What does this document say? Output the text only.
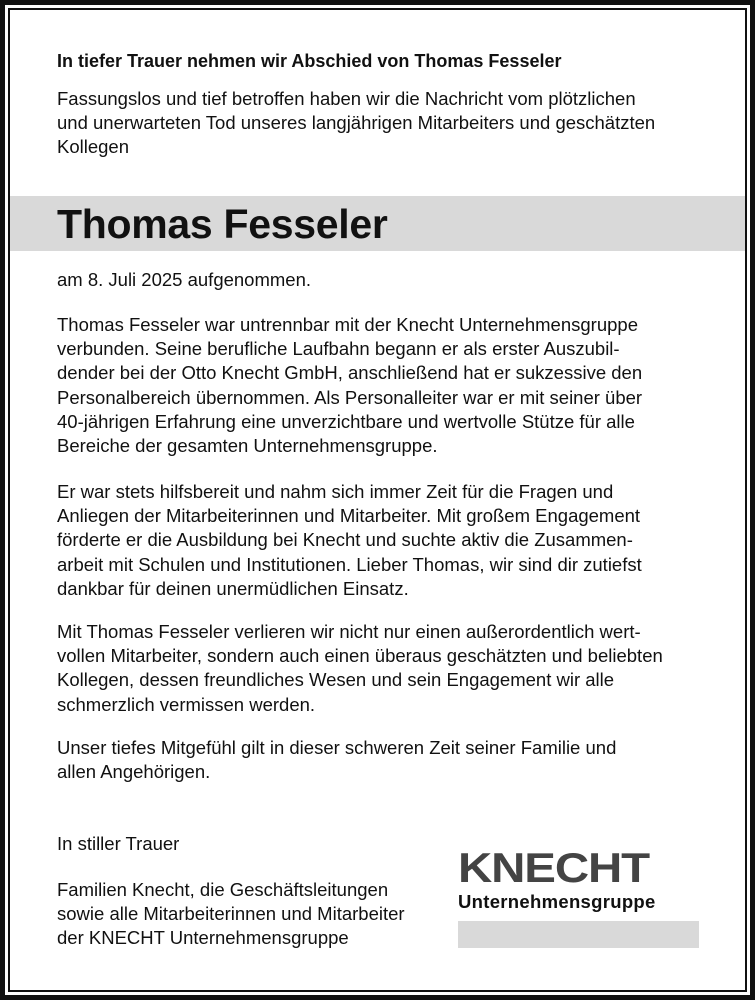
In tiefer Trauer nehmen wir Abschied von Thomas Fesseler
Fassungslos und tief betroffen haben wir die Nachricht vom plötzlichen
und unerwarteten Tod unseres langjährigen Mitarbeiters und geschätzten
Kollegen
Thomas Fesseler
am 8. Juli 2025 aufgenommen.
Thomas Fesseler war untrennbar mit der Knecht Unternehmensgruppe
verbunden. Seine berufliche Laufbahn begann er als erster Auszubil-
dender bei der Otto Knecht GmbH, anschließend hat er sukzessive den
Personalbereich übernommen. Als Personalleiter war er mit seiner über
40-jährigen Erfahrung eine unverzichtbare und wertvolle Stütze für alle
Bereiche der gesamten Unternehmensgruppe.
Er war stets hilfsbereit und nahm sich immer Zeit für die Fragen und
Anliegen der Mitarbeiterinnen und Mitarbeiter. Mit großem Engagement
förderte er die Ausbildung bei Knecht und suchte aktiv die Zusammen-
arbeit mit Schulen und Institutionen. Lieber Thomas, wir sind dir zutiefst
dankbar für deinen unermüdlichen Einsatz.
Mit Thomas Fesseler verlieren wir nicht nur einen außerordentlich wert-
vollen Mitarbeiter, sondern auch einen überaus geschätzten und beliebten
Kollegen, dessen freundliches Wesen und sein Engagement wir alle
schmerzlich vermissen werden.
Unser tiefes Mitgefühl gilt in dieser schweren Zeit seiner Familie und
allen Angehörigen.
In stiller Trauer
Familien Knecht, die Geschäftsleitungen
sowie alle Mitarbeiterinnen und Mitarbeiter
der KNECHT Unternehmensgruppe
KNECHT
Unternehmensgruppe
